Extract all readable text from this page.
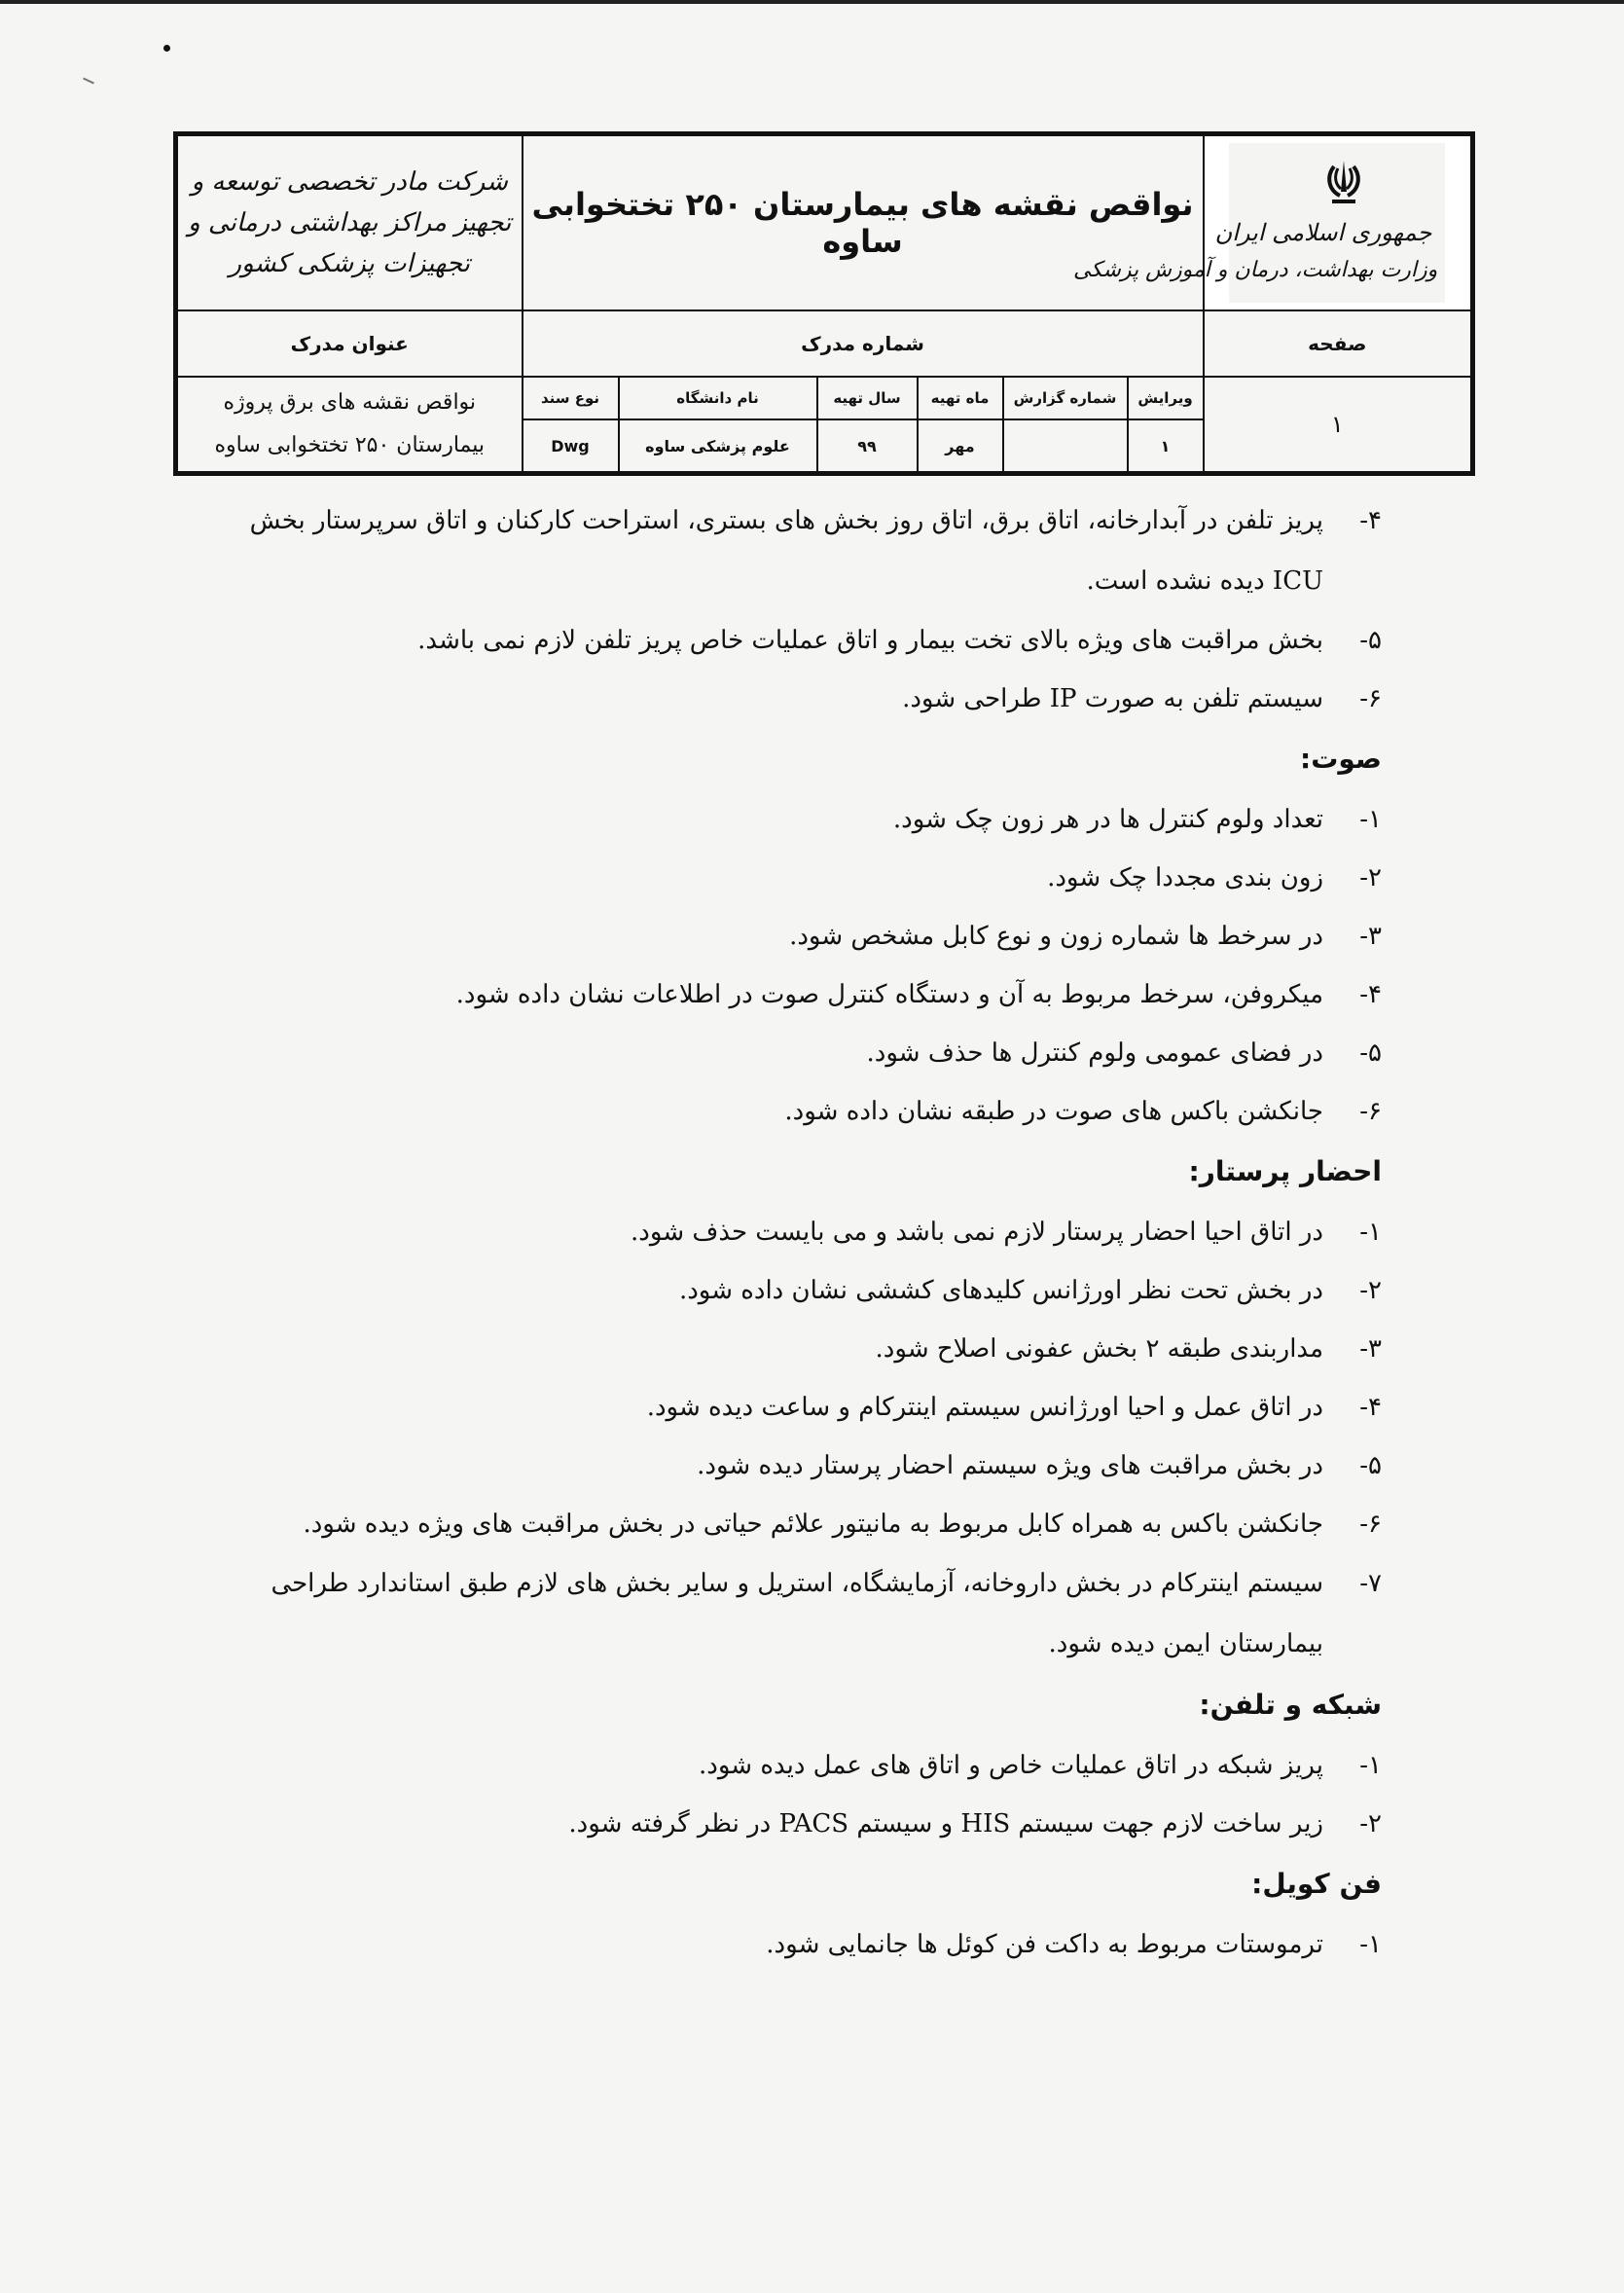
شرکت مادر تخصصی توسعه و تجهیز مراکز بهداشتی درمانی و تجهیزات پزشکی کشور	نواقص نقشه های بیمارستان ۲۵۰ تختخوابی ساوه						جمهوری اسلامی ایران
وزارت بهداشت، درمان و آموزش پزشکی

عنوان مدرک	شماره مدرک						صفحه
نواقص نقشه های برق پروژه بیمارستان ۲۵۰ تختخوابی ساوه	نوع سند	نام دانشگاه	سال تهیه	ماه تهیه	شماره گزارش	ویرایش	۱
	Dwg	علوم پزشکی ساوه	۹۹	مهر		۱	
۴-
پریز تلفن در آبدارخانه، اتاق برق، اتاق روز بخش های بستری، استراحت کارکنان و اتاق سرپرستار بخش ICU دیده نشده است.
۵-
بخش مراقبت های ویژه بالای تخت بیمار و اتاق عملیات خاص پریز تلفن لازم نمی باشد.
۶-
سیستم تلفن به صورت IP طراحی شود.
صوت:
۱-
تعداد ولوم کنترل ها در هر زون چک شود.
۲-
زون بندی مجددا چک شود.
۳-
در سرخط ها شماره زون و نوع کابل مشخص شود.
۴-
میکروفن، سرخط مربوط به آن و دستگاه کنترل صوت در اطلاعات نشان داده شود.
۵-
در فضای عمومی ولوم کنترل ها حذف شود.
۶-
جانکشن باکس های صوت در طبقه نشان داده شود.
احضار پرستار:
۱-
در اتاق احیا احضار پرستار لازم نمی باشد و می بایست حذف شود.
۲-
در بخش تحت نظر اورژانس کلیدهای کششی نشان داده شود.
۳-
مداربندی طبقه ۲ بخش عفونی اصلاح شود.
۴-
در اتاق عمل و احیا اورژانس سیستم اینترکام و ساعت دیده شود.
۵-
در بخش مراقبت های ویژه سیستم احضار پرستار دیده شود.
۶-
جانکشن باکس به همراه کابل مربوط به مانیتور علائم حیاتی در بخش مراقبت های ویژه دیده شود.
۷-
سیستم اینترکام در بخش داروخانه، آزمایشگاه، استریل و سایر بخش های لازم طبق استاندارد طراحی بیمارستان ایمن دیده شود.
شبکه و تلفن:
۱-
پریز شبکه در اتاق عملیات خاص و اتاق های عمل دیده شود.
۲-
زیر ساخت لازم جهت سیستم HIS و سیستم PACS در نظر گرفته شود.
فن کویل:
۱-
ترموستات مربوط به داکت فن کوئل ها جانمایی شود.
